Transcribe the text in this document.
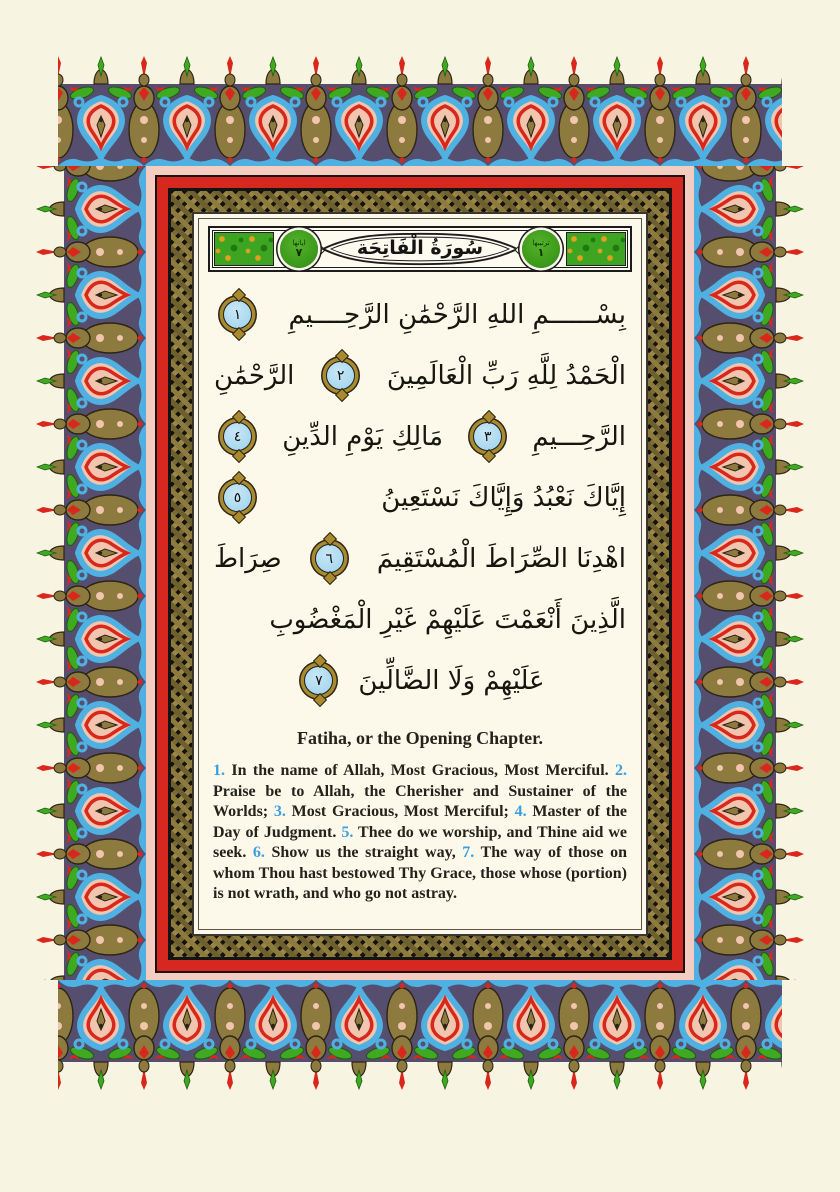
اياتها
٧	سُورَةُ الْفَاتِحَة	ترتيبها
١
بِسْــــــمِ اللهِ الرَّحْمَٰنِ الرَّحِــــيمِ
١
الْحَمْدُ لِلَّهِ رَبِّ الْعَالَمِينَ
٢
الرَّحْمَٰنِ
الرَّحِـــيمِ
٣
مَالِكِ يَوْمِ الدِّينِ
٤
إِيَّاكَ نَعْبُدُ وَإِيَّاكَ نَسْتَعِينُ
٥
اهْدِنَا الصِّرَاطَ الْمُسْتَقِيمَ
٦
صِرَاطَ
الَّذِينَ أَنْعَمْتَ عَلَيْهِمْ غَيْرِ الْمَغْضُوبِ
عَلَيْهِمْ وَلَا الضَّالِّينَ
٧
Fatiha, or the Opening Chapter.

1. In the name of Allah, Most Gracious, Most Merciful. 2. Praise be to Allah, the Cherisher and Sustainer of the Worlds; 3. Most Gracious, Most Merciful; 4. Master of the Day of Judgment. 5. Thee do we worship, and Thine aid we seek. 6. Show us the straight way, 7. The way of those on whom Thou hast bestowed Thy Grace, those whose (portion) is not wrath, and who go not astray.
